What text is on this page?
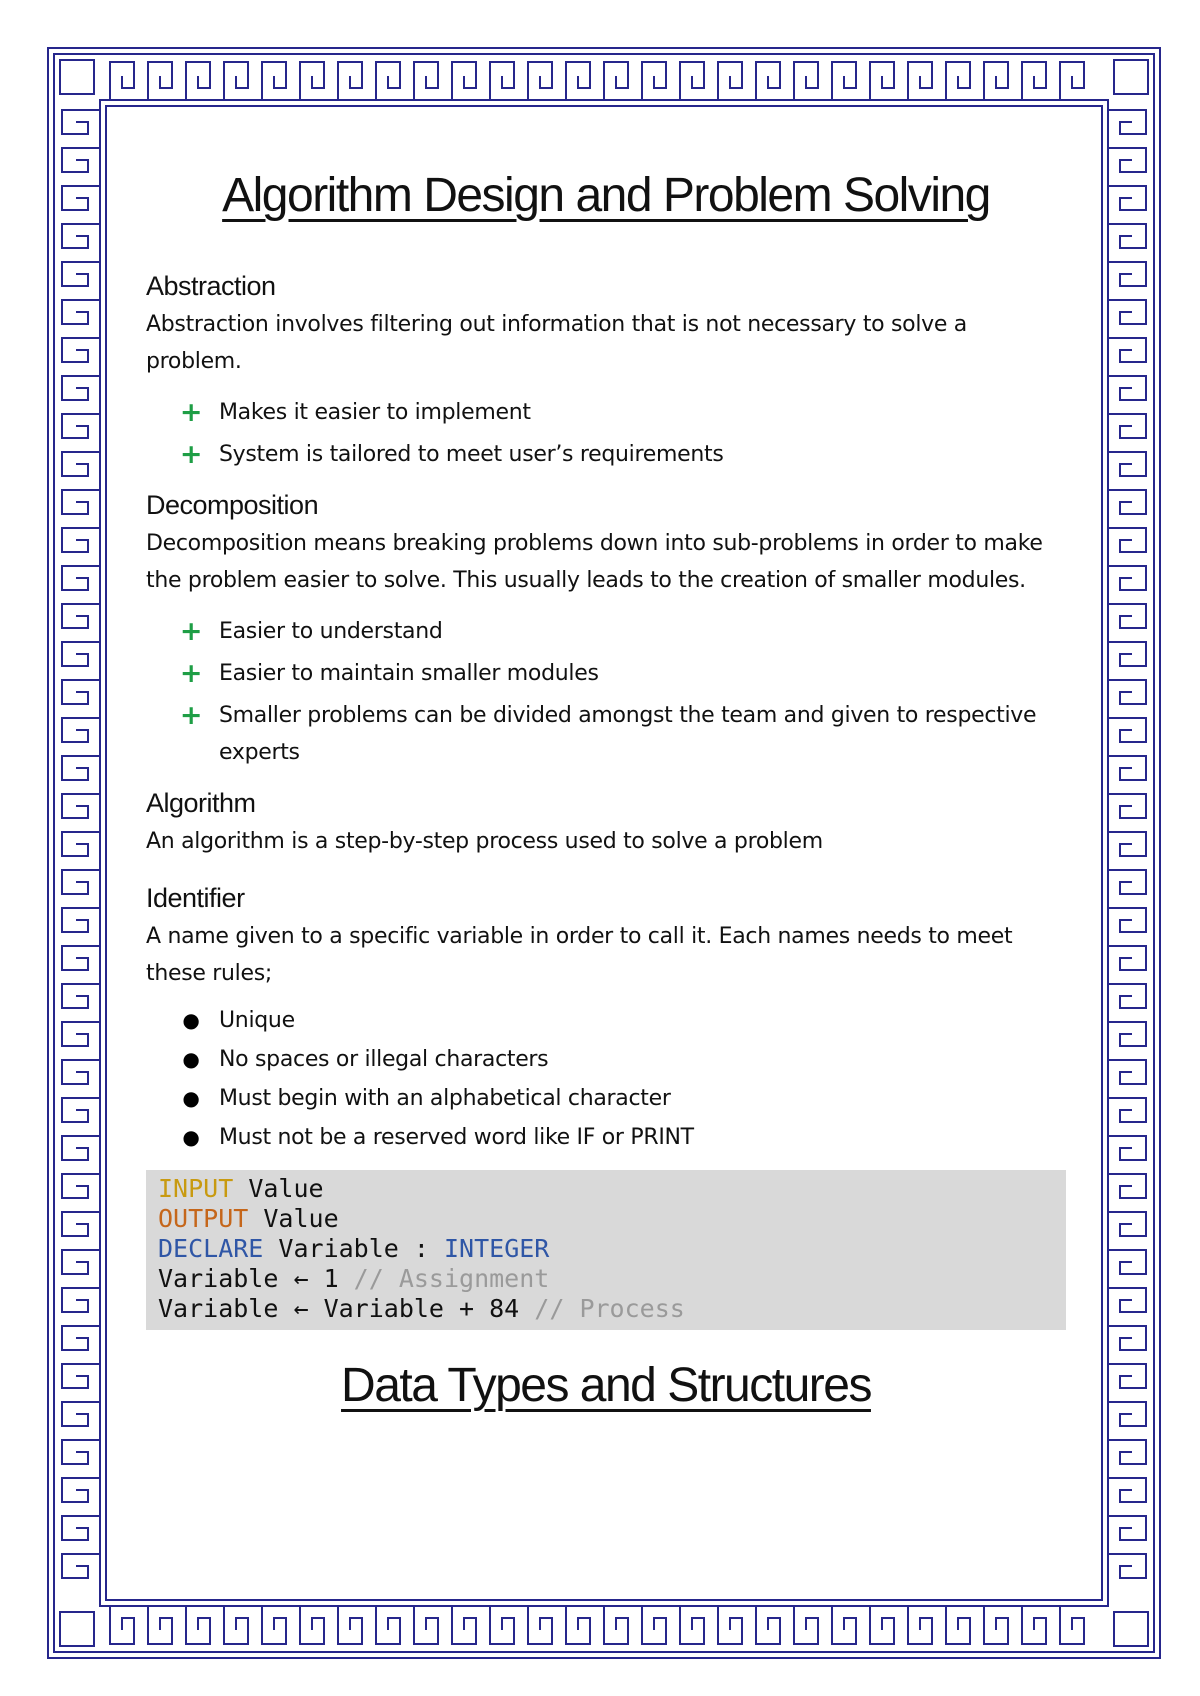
Algorithm Design and Problem Solving
Abstraction

Abstraction involves filtering out information that is not necessary to solve a problem.

+ Makes it easier to implement
+ System is tailored to meet user’s requirements
Decomposition

Decomposition means breaking problems down into sub-problems in order to make the problem easier to solve. This usually leads to the creation of smaller modules.

+ Easier to understand
+ Easier to maintain smaller modules
+ Smaller problems can be divided amongst the team and given to respective experts
Algorithm

An algorithm is a step-by-step process used to solve a problem

Identifier

A name given to a specific variable in order to call it. Each names needs to meet these rules;

● Unique
● No spaces or illegal characters
● Must begin with an alphabetical character
● Must not be a reserved word like IF or PRINT
INPUT Value
OUTPUT Value
DECLARE Variable : INTEGER
Variable ← 1 // Assignment
Variable ← Variable + 84 // Process
Data Types and Structures
